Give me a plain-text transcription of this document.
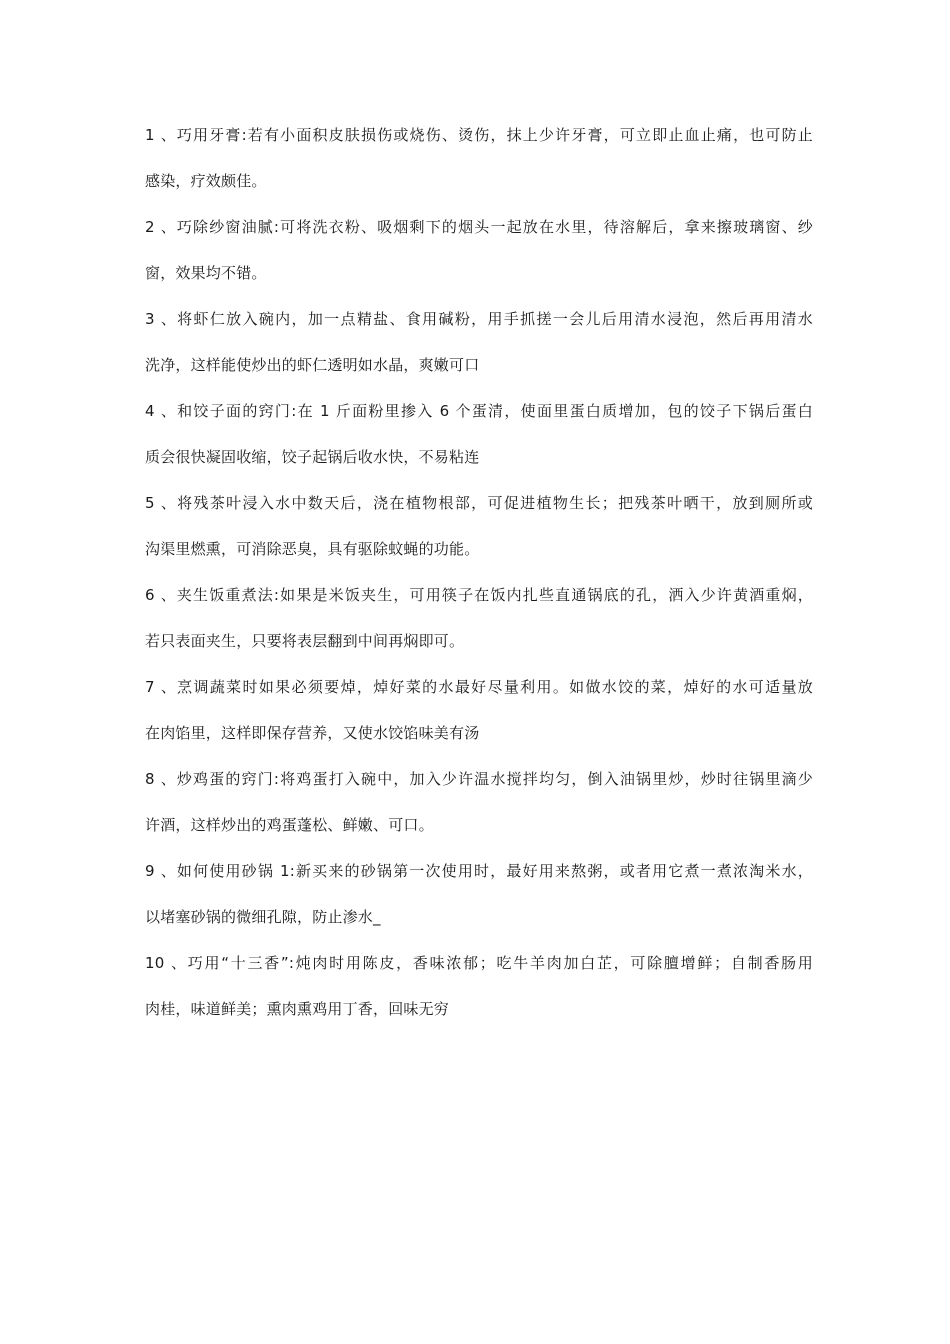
1 、巧用牙膏:若有小面积皮肤损伤或烧伤、烫伤，抹上少许牙膏，可立即止血止痛，也可防止
感染，疗效颇佳。
2 、巧除纱窗油腻:可将洗衣粉、吸烟剩下的烟头一起放在水里，待溶解后，拿来擦玻璃窗、纱
窗，效果均不错。
3 、将虾仁放入碗内，加一点精盐、食用碱粉，用手抓搓一会儿后用清水浸泡，然后再用清水
洗净，这样能使炒出的虾仁透明如水晶，爽嫩可口
4 、和饺子面的窍门:在 1 斤面粉里掺入 6 个蛋清，使面里蛋白质增加，包的饺子下锅后蛋白
质会很快凝固收缩，饺子起锅后收水快，不易粘连
5 、将残茶叶浸入水中数天后，浇在植物根部，可促进植物生长；把残茶叶晒干，放到厕所或
沟渠里燃熏，可消除恶臭，具有驱除蚊蝇的功能。
6 、夹生饭重煮法:如果是米饭夹生，可用筷子在饭内扎些直通锅底的孔，洒入少许黄酒重焖，
若只表面夹生，只要将表层翻到中间再焖即可。
7 、烹调蔬菜时如果必须要焯，焯好菜的水最好尽量利用。如做水饺的菜，焯好的水可适量放
在肉馅里，这样即保存营养，又使水饺馅味美有汤
8 、炒鸡蛋的窍门:将鸡蛋打入碗中，加入少许温水搅拌均匀，倒入油锅里炒，炒时往锅里滴少
许酒，这样炒出的鸡蛋蓬松、鲜嫩、可口。
9 、如何使用砂锅 1:新买来的砂锅第一次使用时，最好用来熬粥，或者用它煮一煮浓淘米水，
以堵塞砂锅的微细孔隙，防止渗水_
10 、巧用“十三香”:炖肉时用陈皮，香味浓郁；吃牛羊肉加白芷，可除膻增鲜；自制香肠用
肉桂，味道鲜美；熏肉熏鸡用丁香，回味无穷
